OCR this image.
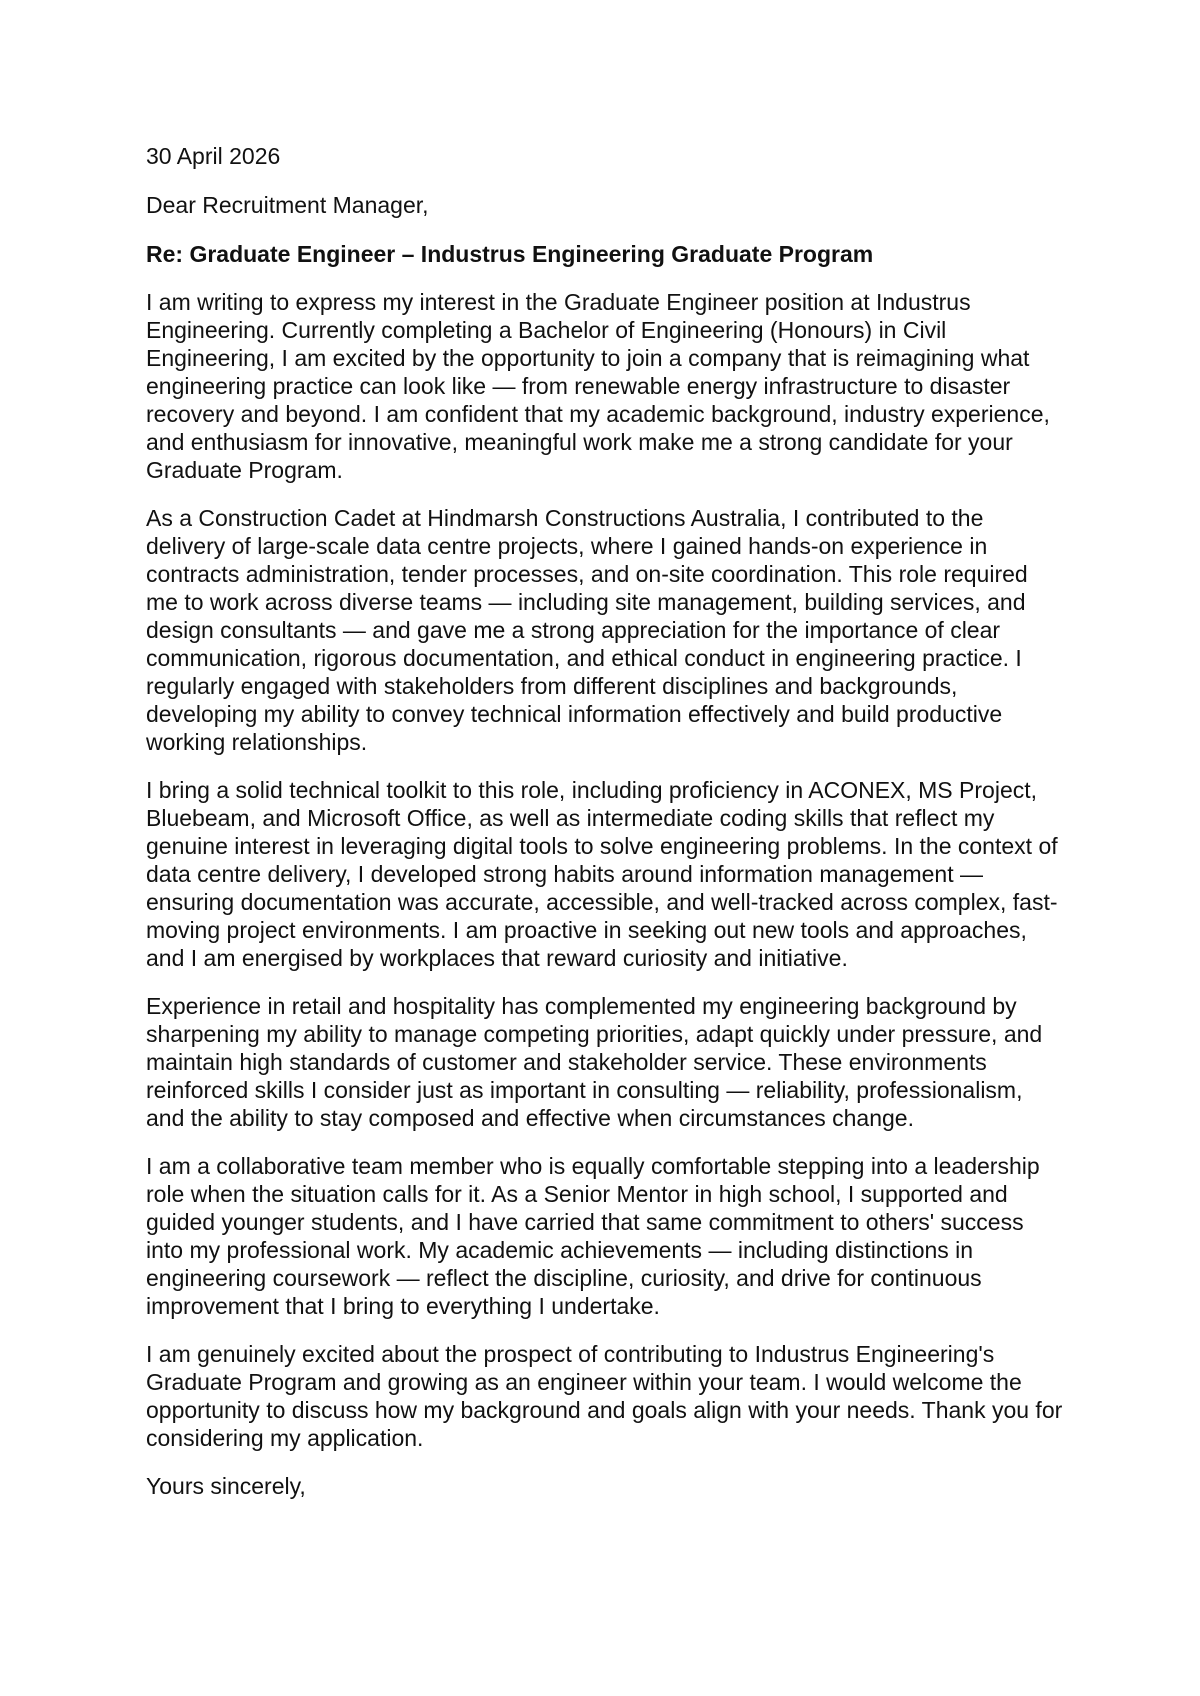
30 April 2026

Dear Recruitment Manager,

Re: Graduate Engineer – Industrus Engineering Graduate Program

I am writing to express my interest in the Graduate Engineer position at Industrus Engineering. Currently completing a Bachelor of Engineering (Honours) in Civil Engineering, I am excited by the opportunity to join a company that is reimagining what engineering practice can look like — from renewable energy infrastructure to disaster recovery and beyond. I am confident that my academic background, industry experience, and enthusiasm for innovative, meaningful work make me a strong candidate for your Graduate Program.

As a Construction Cadet at Hindmarsh Constructions Australia, I contributed to the delivery of large-scale data centre projects, where I gained hands-on experience in contracts administration, tender processes, and on-site coordination. This role required me to work across diverse teams — including site management, building services, and design consultants — and gave me a strong appreciation for the importance of clear communication, rigorous documentation, and ethical conduct in engineering practice. I regularly engaged with stakeholders from different disciplines and backgrounds, developing my ability to convey technical information effectively and build productive working relationships.

I bring a solid technical toolkit to this role, including proficiency in ACONEX, MS Project, Bluebeam, and Microsoft Office, as well as intermediate coding skills that reflect my genuine interest in leveraging digital tools to solve engineering problems. In the context of data centre delivery, I developed strong habits around information management — ensuring documentation was accurate, accessible, and well-tracked across complex, fast-moving project environments. I am proactive in seeking out new tools and approaches, and I am energised by workplaces that reward curiosity and initiative.

Experience in retail and hospitality has complemented my engineering background by sharpening my ability to manage competing priorities, adapt quickly under pressure, and maintain high standards of customer and stakeholder service. These environments reinforced skills I consider just as important in consulting — reliability, professionalism, and the ability to stay composed and effective when circumstances change.

I am a collaborative team member who is equally comfortable stepping into a leadership role when the situation calls for it. As a Senior Mentor in high school, I supported and guided younger students, and I have carried that same commitment to others' success into my professional work. My academic achievements — including distinctions in engineering coursework — reflect the discipline, curiosity, and drive for continuous improvement that I bring to everything I undertake.

I am genuinely excited about the prospect of contributing to Industrus Engineering's Graduate Program and growing as an engineer within your team. I would welcome the opportunity to discuss how my background and goals align with your needs. Thank you for considering my application.

Yours sincerely,
